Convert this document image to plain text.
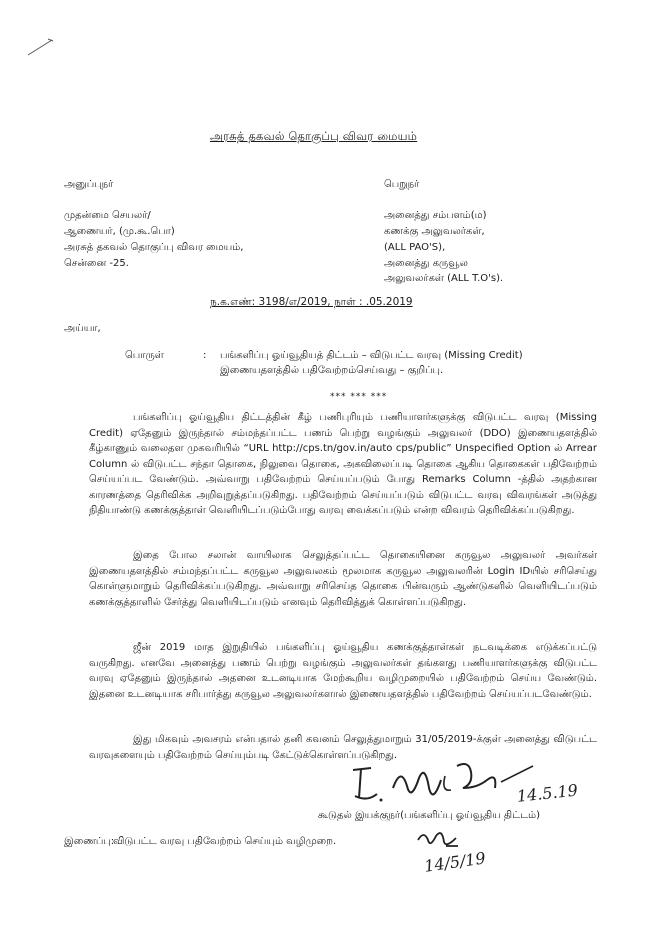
அரசுத் தகவல் தொகுப்பு விவர மையம்
அனுப்புநர்
முதன்மை செயலர்/
ஆணையர், (மு.கூ.பொ)
அரசுத் தகவல் தொகுப்பு விவர மையம்,
சென்னை -25.
பெறுநர்
அனைத்து சம்பளம்(ம)
கணக்கு அலுவலர்கள்,
(ALL PAO'S),
அனைத்து கருவூல
அலுவலர்கள் (ALL T.O's).
ந.க.எண்: 3198/எ/2019, நாள் : .05.2019
அய்யா,
பொருள்	: பங்களிப்பு ஓய்வூதியத் திட்டம் – விடுபட்ட வரவு (Missing Credit)
இணையதளத்தில் பதிவேற்றம்செய்வது – குறிப்பு.
*** *** ***

பங்களிப்பு ஓய்வூதிய திட்டத்தின் கீழ் பணிபுரியும் பணியாளர்களுக்கு விடுபட்ட வரவு (Missing Credit) ஏதேனும் இருந்தால் சம்மந்தப்பட்ட பணம் பெற்று வழங்கும் அலுவலர் (DDO) இணையதளத்தில் கீழ்காணும் வலைதள முகவரியில் “URL http://cps.tn/gov.in/auto cps/public” Unspecified Option ல் Arrear Column ல் விடுபட்ட சந்தா தொகை, நிலுவை தொகை, அகவிலைப்படி தொகை ஆகிய தொகைகள் பதிவேற்றம் செய்யப்பட வேண்டும். அவ்வாறு பதிவேற்றம் செய்யப்படும் போது Remarks Column -த்தில் அதற்கான காரணத்தை தெரிவிக்க அறிவுறுத்தப்படுகிறது. பதிவேற்றம் செய்யப்படும் விடுபட்ட வரவு விவரங்கள் அடுத்து நிதியாண்டு கணக்குத்தாள் வெளியிடப்படும்போது வரவு வைக்கப்படும் என்ற விவரம் தெரிவிக்கப்படுகிறது.

இதை போல சலான் வாயிலாக செலுத்தப்பட்ட தொகையினை கருவூல அலுவலர் அவர்கள் இணையதளத்தில் சம்மந்தப்பட்ட கருவூல அலுவலகம் மூலமாக கருவூல அலுவலரின் Login IDயில் சரிசெய்து கொள்ளுமாறும் தெரிவிக்கப்படுகிறது. அவ்வாறு சரிசெய்த தொகை பின்வரும் ஆண்டுகளில் வெளியிடப்படும் கணக்குத்தாளில் சேர்த்து வெளியிடப்படும் எனவும் தெரிவித்துக் கொள்ளப்படுகிறது.

ஜீன் 2019 மாத இறுதியில் பங்களிப்பு ஓய்வூதிய கணக்குத்தாள்கள் நடவடிக்கை எடுக்கப்பட்டு வருகிறது. எனவே அனைத்து பணம் பெற்று வழங்கும் அலுவலர்கள் தங்களது பணியாளர்களுக்கு விடுபட்ட வரவு ஏதேனும் இருந்தால் அதனை உடனடியாக மேற்கூறிய வழிமுறையில் பதிவேற்றம் செய்ய வேண்டும். இதனை உடனடியாக சரிபார்த்து கருவூல அலுவலர்களால் இணையதளத்தில் பதிவேற்றம் செய்யப்படவேண்டும்.

இது மிகவும் அவசரம் என்பதால் தனி கவனம் செலுத்துமாறும் 31/05/2019-க்குள் அனைத்து விடுபட்ட வரவுகளையும் பதிவேற்றம் செய்யும்படி கேட்டுக்கொள்ளப்படுகிறது.

14.5.19
கூடுதல் இயக்குநர்(பங்களிப்பு ஓய்வூதிய திட்டம்)
இணைப்பு:
விடுபட்ட வரவு பதிவேற்றம் செய்யும் வழிமுறை.
14/5/19
